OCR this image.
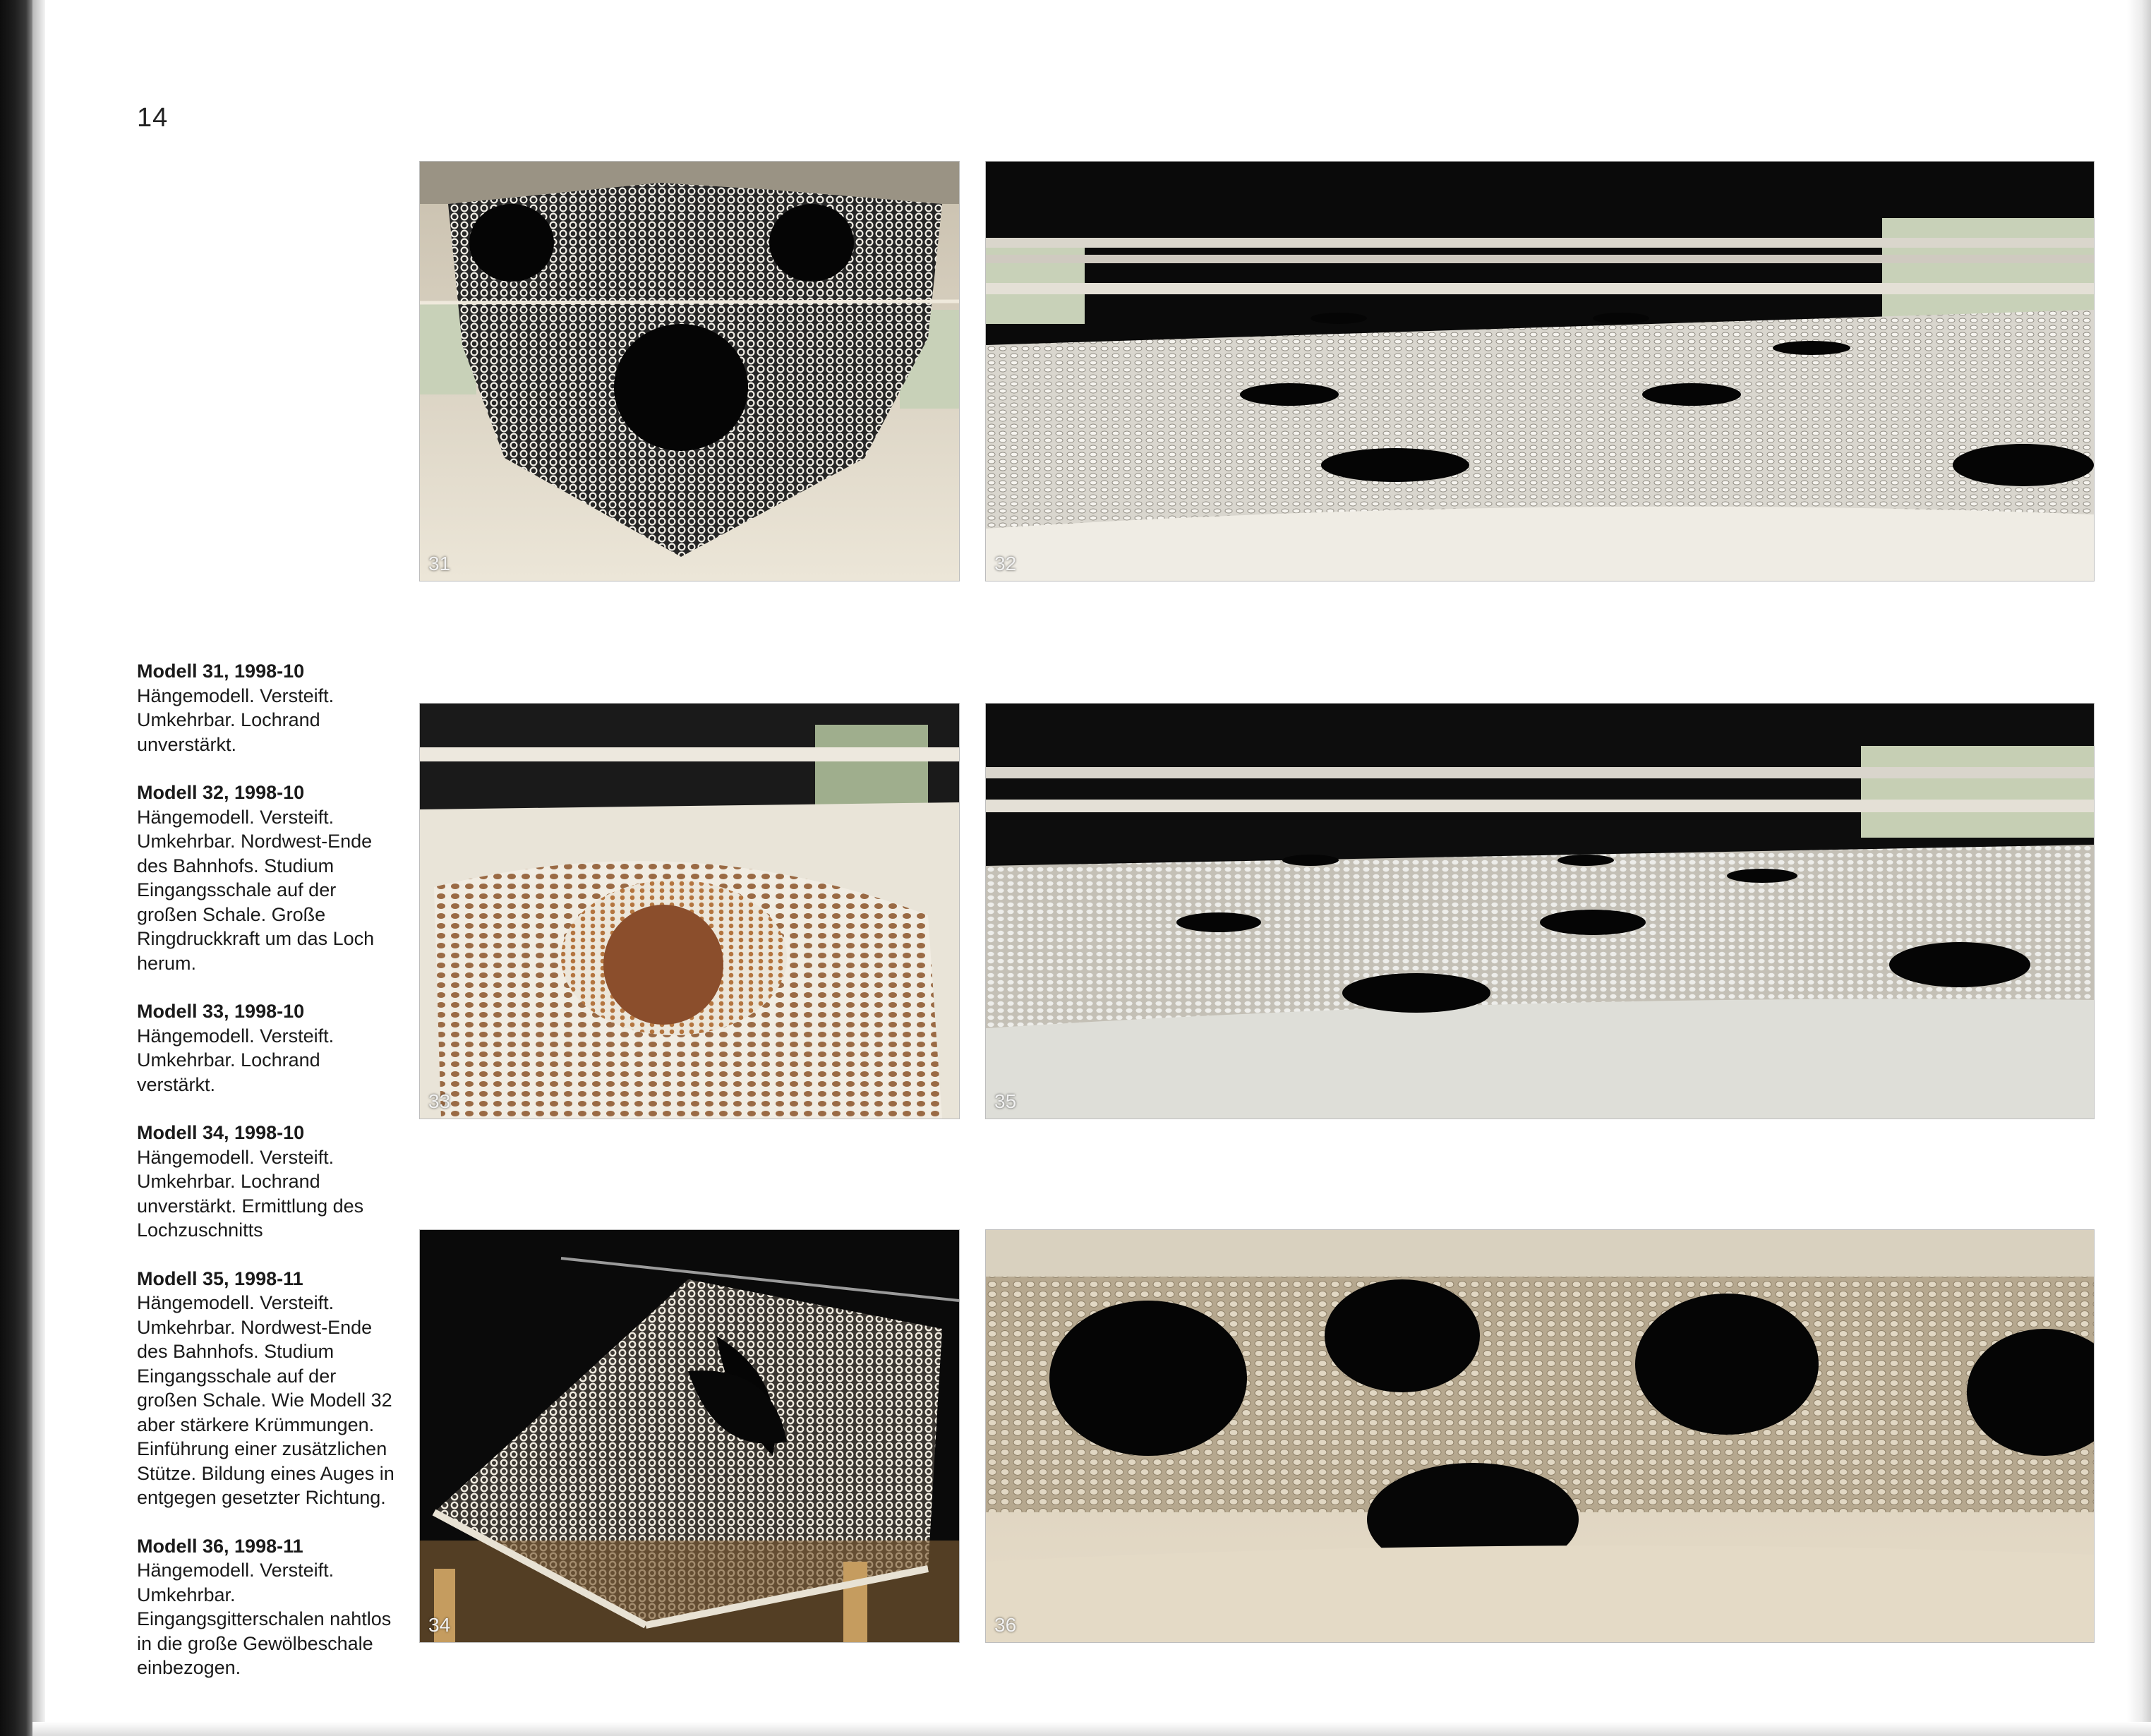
14
31	32
33	35
34	36
Modell 31, 1998-10
Hängemodell. Versteift. Umkehrbar. Lochrand unverstärkt.
Modell 32, 1998-10
Hängemodell. Versteift. Umkehrbar. Nordwest-Ende des Bahnhofs. Studium Eingangsschale auf der großen Schale. Große Ringdruckkraft um das Loch herum.
Modell 33, 1998-10
Hängemodell. Versteift. Umkehrbar. Lochrand verstärkt.
Modell 34, 1998-10
Hängemodell. Versteift. Umkehrbar. Lochrand unverstärkt. Ermittlung des Lochzuschnitts
Modell 35, 1998-11
Hängemodell. Versteift. Umkehrbar. Nordwest-Ende des Bahnhofs. Studium Eingangsschale auf der großen Schale. Wie Modell 32 aber stärkere Krümmungen. Einführung einer zusätzlichen Stütze. Bildung eines Auges in entgegen gesetzter Richtung.
Modell 36, 1998-11
Hängemodell. Versteift. Umkehrbar. Eingangsgitterschalen nahtlos in die große Gewölbeschale einbezogen.
